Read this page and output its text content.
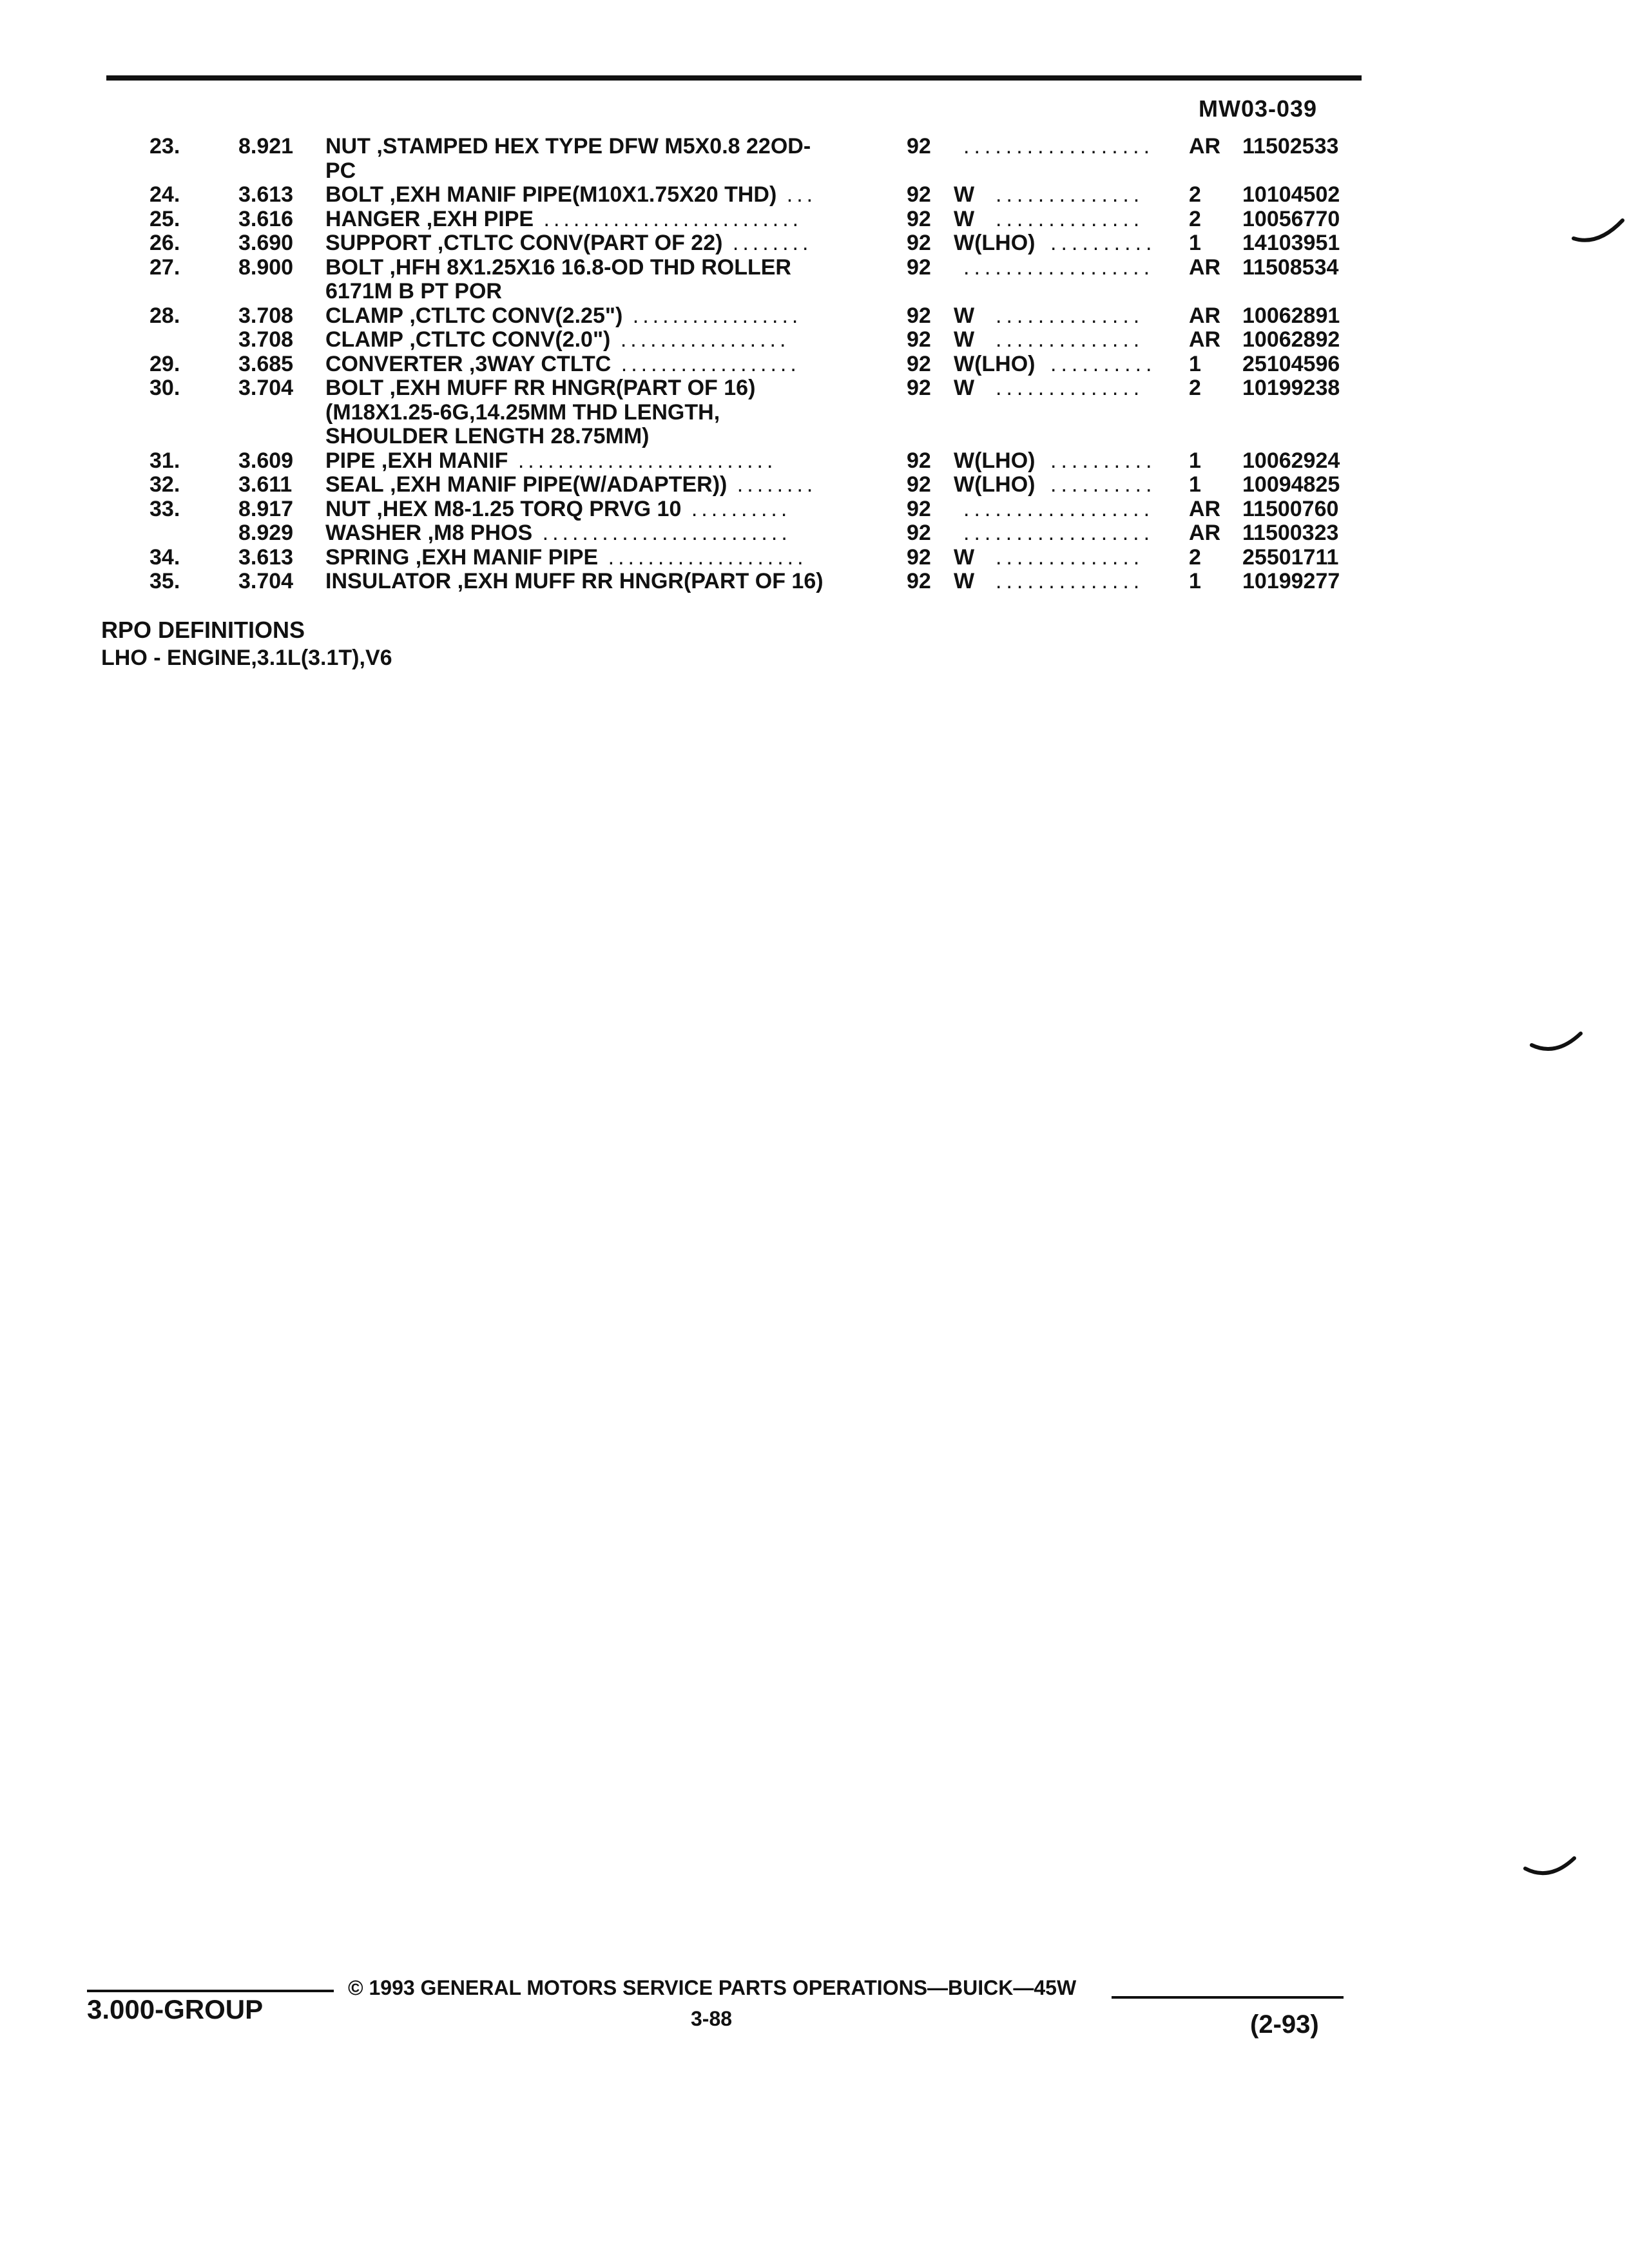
MW03-039
23.	8.921	NUT ,STAMPED HEX TYPE DFW M5X0.8 22OD-	92	.................. AR 11502533
PC
24.	3.613	BOLT ,EXH MANIF PIPE(M10X1.75X20 THD) ...	92	W ..............	2	10104502
25.	3.616	HANGER ,EXH PIPE ..........................	92	W ..............	2	10056770
26.	3.690	SUPPORT ,CTLTC CONV(PART OF 22) ........	92	W(LHO) ..........	1	14103951
27.	8.900	BOLT ,HFH 8X1.25X16 16.8-OD THD ROLLER	92	.................. AR 11508534
6171M B PT POR
28.	3.708	CLAMP ,CTLTC CONV(2.25") .................	92	W ..............	AR 10062891
3.708	CLAMP ,CTLTC CONV(2.0") .................	92	W ..............	AR 10062892
29.	3.685	CONVERTER ,3WAY CTLTC ..................	92	W(LHO) ..........	1	25104596
30.	3.704	BOLT ,EXH MUFF RR HNGR(PART OF 16)	92	W ..............	2	10199238
(M18X1.25-6G,14.25MM THD LENGTH,
SHOULDER LENGTH 28.75MM)
31.	3.609	PIPE ,EXH MANIF ..........................	92	W(LHO) ..........	1	10062924
32.	3.611	SEAL ,EXH MANIF PIPE(W/ADAPTER)) ........	92	W(LHO) ..........	1	10094825
33.	8.917	NUT ,HEX M8-1.25 TORQ PRVG 10 ..........	92	.................. AR 11500760
8.929	WASHER ,M8 PHOS .........................	92	.................. AR 11500323
34.	3.613	SPRING ,EXH MANIF PIPE ....................	92	W ..............	2	25501711
35.	3.704	INSULATOR ,EXH MUFF RR HNGR(PART OF 16)	92	W ..............	1	10199277
RPO DEFINITIONS
LHO - ENGINE,3.1L(3.1T),V6
3.000-GROUP
© 1993 GENERAL MOTORS SERVICE PARTS OPERATIONS—BUICK—45W
3-88	(2-93)
